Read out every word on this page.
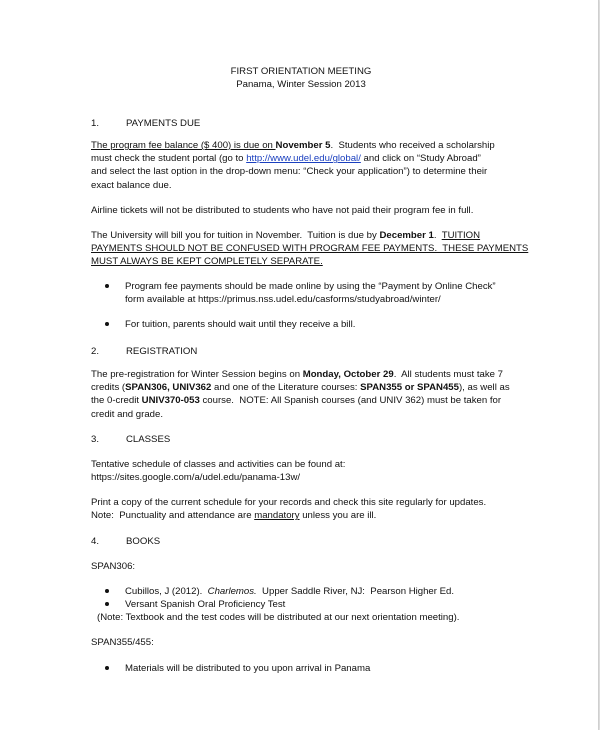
FIRST ORIENTATION MEETING
Panama, Winter Session 2013
1.	PAYMENTS DUE
The program fee balance ($ 400) is due on November 5.  Students who received a scholarship
must check the student portal (go to http://www.udel.edu/global/ and click on “Study Abroad”
and select the last option in the drop-down menu: “Check your application”) to determine their
exact balance due.
Airline tickets will not be distributed to students who have not paid their program fee in full.
The University will bill you for tuition in November.  Tuition is due by December 1.  TUITION
PAYMENTS SHOULD NOT BE CONFUSED WITH PROGRAM FEE PAYMENTS.  THESE PAYMENTS
MUST ALWAYS BE KEPT COMPLETELY SEPARATE.
Program fee payments should be made online by using the “Payment by Online Check”
form available at https://primus.nss.udel.edu/casforms/studyabroad/winter/
For tuition, parents should wait until they receive a bill.
2.	REGISTRATION
The pre-registration for Winter Session begins on Monday, October 29.  All students must take 7
credits (SPAN306, UNIV362 and one of the Literature courses: SPAN355 or SPAN455), as well as
the 0-credit UNIV370-053 course.  NOTE: All Spanish courses (and UNIV 362) must be taken for
credit and grade.
3.	CLASSES
Tentative schedule of classes and activities can be found at:
https://sites.google.com/a/udel.edu/panama-13w/
Print a copy of the current schedule for your records and check this site regularly for updates.
Note:  Punctuality and attendance are mandatory unless you are ill.
4.	BOOKS
SPAN306:
Cubillos, J (2012).  Charlemos.  Upper Saddle River, NJ:  Pearson Higher Ed.
Versant Spanish Oral Proficiency Test
(Note: Textbook and the test codes will be distributed at our next orientation meeting).
SPAN355/455:
Materials will be distributed to you upon arrival in Panama
